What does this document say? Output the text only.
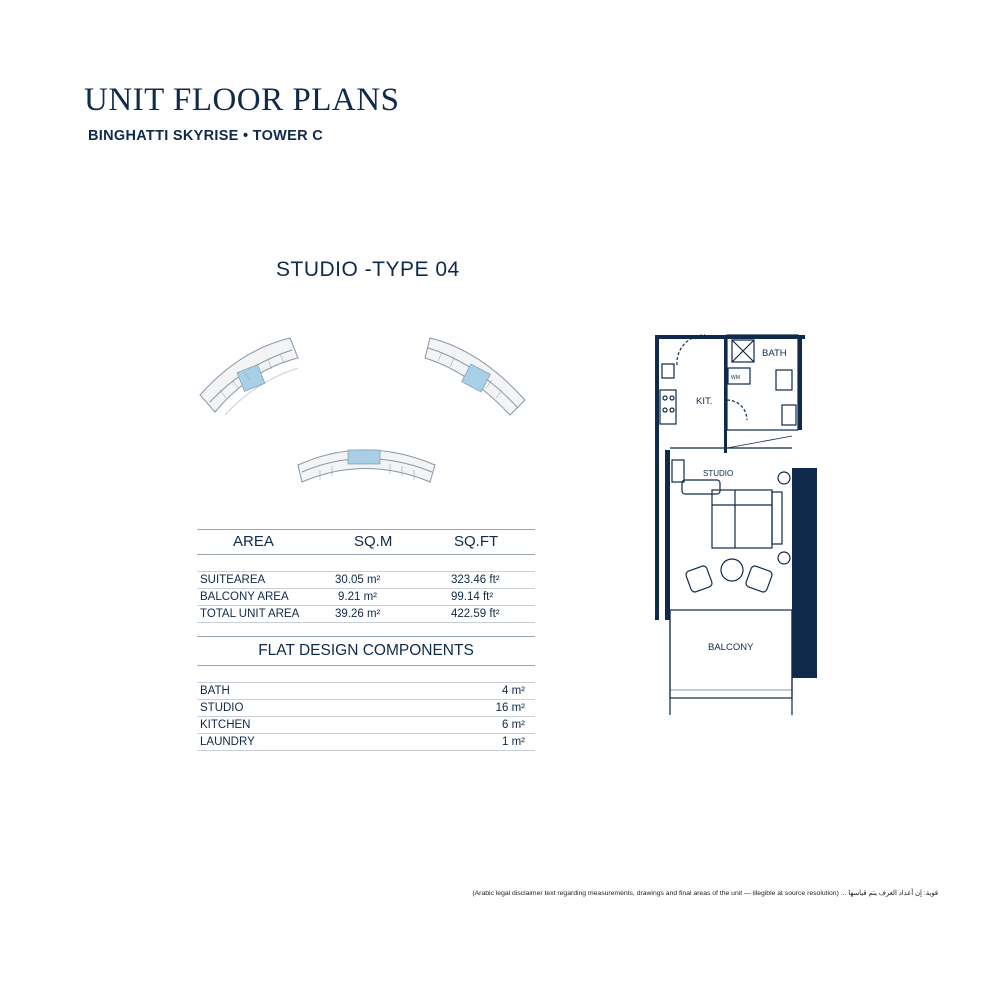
UNIT FLOOR PLANS
BINGHATTI SKYRISE • TOWER C
STUDIO -TYPE 04
AREA	SQ.M	SQ.FT
SUITEAREA	30.05 m²	323.46 ft²
BALCONY AREA	9.21 m²	99.14 ft²
TOTAL UNIT AREA	39.26 m²	422.59 ft²
FLAT DESIGN COMPONENTS
BATH	4 m²
STUDIO	16 m²
KITCHEN	6 m²
LAUNDRY	1 m²
BATH
WM
KIT.
STUDIO
BALCONY
قوية: إن أعداد الغرف يتم قياسها ... (Arabic legal disclaimer text regarding measurements, drawings and final areas of the unit — illegible at source resolution)
